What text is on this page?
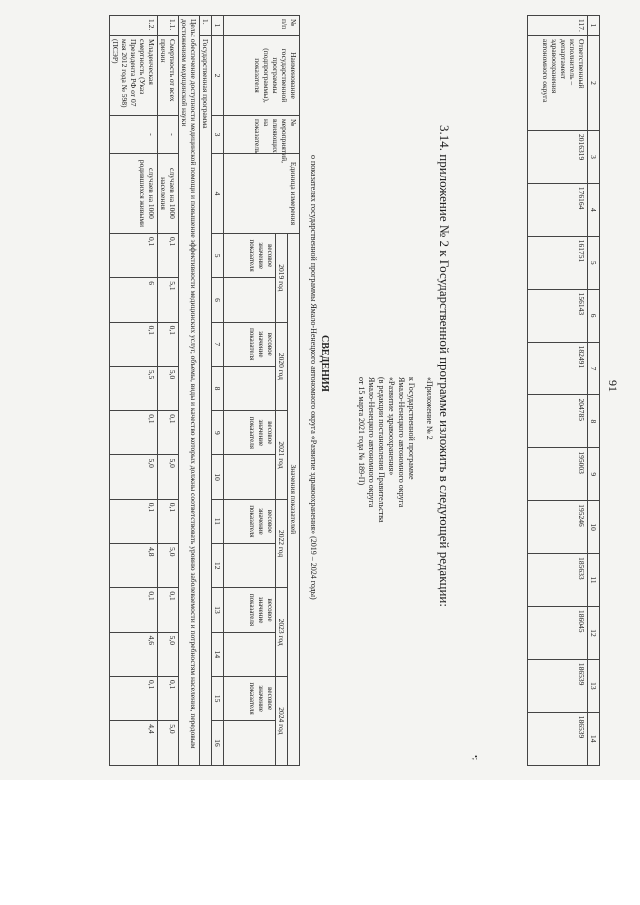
91
1	2	3	4	5	6	7	8	9	10	11	12	13	14
117.	Ответственный исполнитель – департамент здравоохранения автономного округа	2016319	176164	161751	156143	182491	204785	195003	195246	185633	186045	186539	186539
•;
3.14. приложение № 2 к Государственной программе изложить в следующей редакции:
«Приложение № 2
к Государственной программе
Ямало-Ненецкого автономного округа
«Развитие здравоохранения»
(в редакции постановления Правительства
Ямало-Ненецкого автономного округа
от 15 марта 2021 года № 189-П)
СВЕДЕНИЯ
о показателях государственной программы Ямало-Ненецкого автономного округа «Развитие здравоохранения» (2019 – 2024 годы)
№ п/п	Наименование государственной программы (подпрограммы), показателя	№ мероприятий, влияющих на показатель	Единица измерения	Значения показателей											
				2019 год		2020 год		2021 год		2022 год		2023 год		2024 год	
				весовое значение показателя		весовое значение показателя		весовое значение показателя		весовое значение показателя		весовое значение показателя		весовое значение показателя	
1	2	3	4	5	6	7	8	9	10	11	12	13	14	15	16
1.	Государственная программа														
Цель: обеспечение доступности медицинской помощи и повышение эффективности медицинских услуг, объемы, виды и качество которых должны соответствовать уровню заболеваемости и потребностям населения, передовым достижениям медицинской науки															
1.1.	Смертность от всех причин	-	случаев на 1000 населения	0,1	5,1	0,1	5,0	0,1	5,0	0,1	5,0	0,1	5,0	0,1	5,0
1.2.	Младенческая смертность (Указ Президента РФ от 07 мая 2012 года № 598) (ПСЭР)	-	случаев на 1000 родившихся живыми	0,1	6	0,1	5,5	0,1	5,0	0,1	4,8	0,1	4,6	0,1	4,4
